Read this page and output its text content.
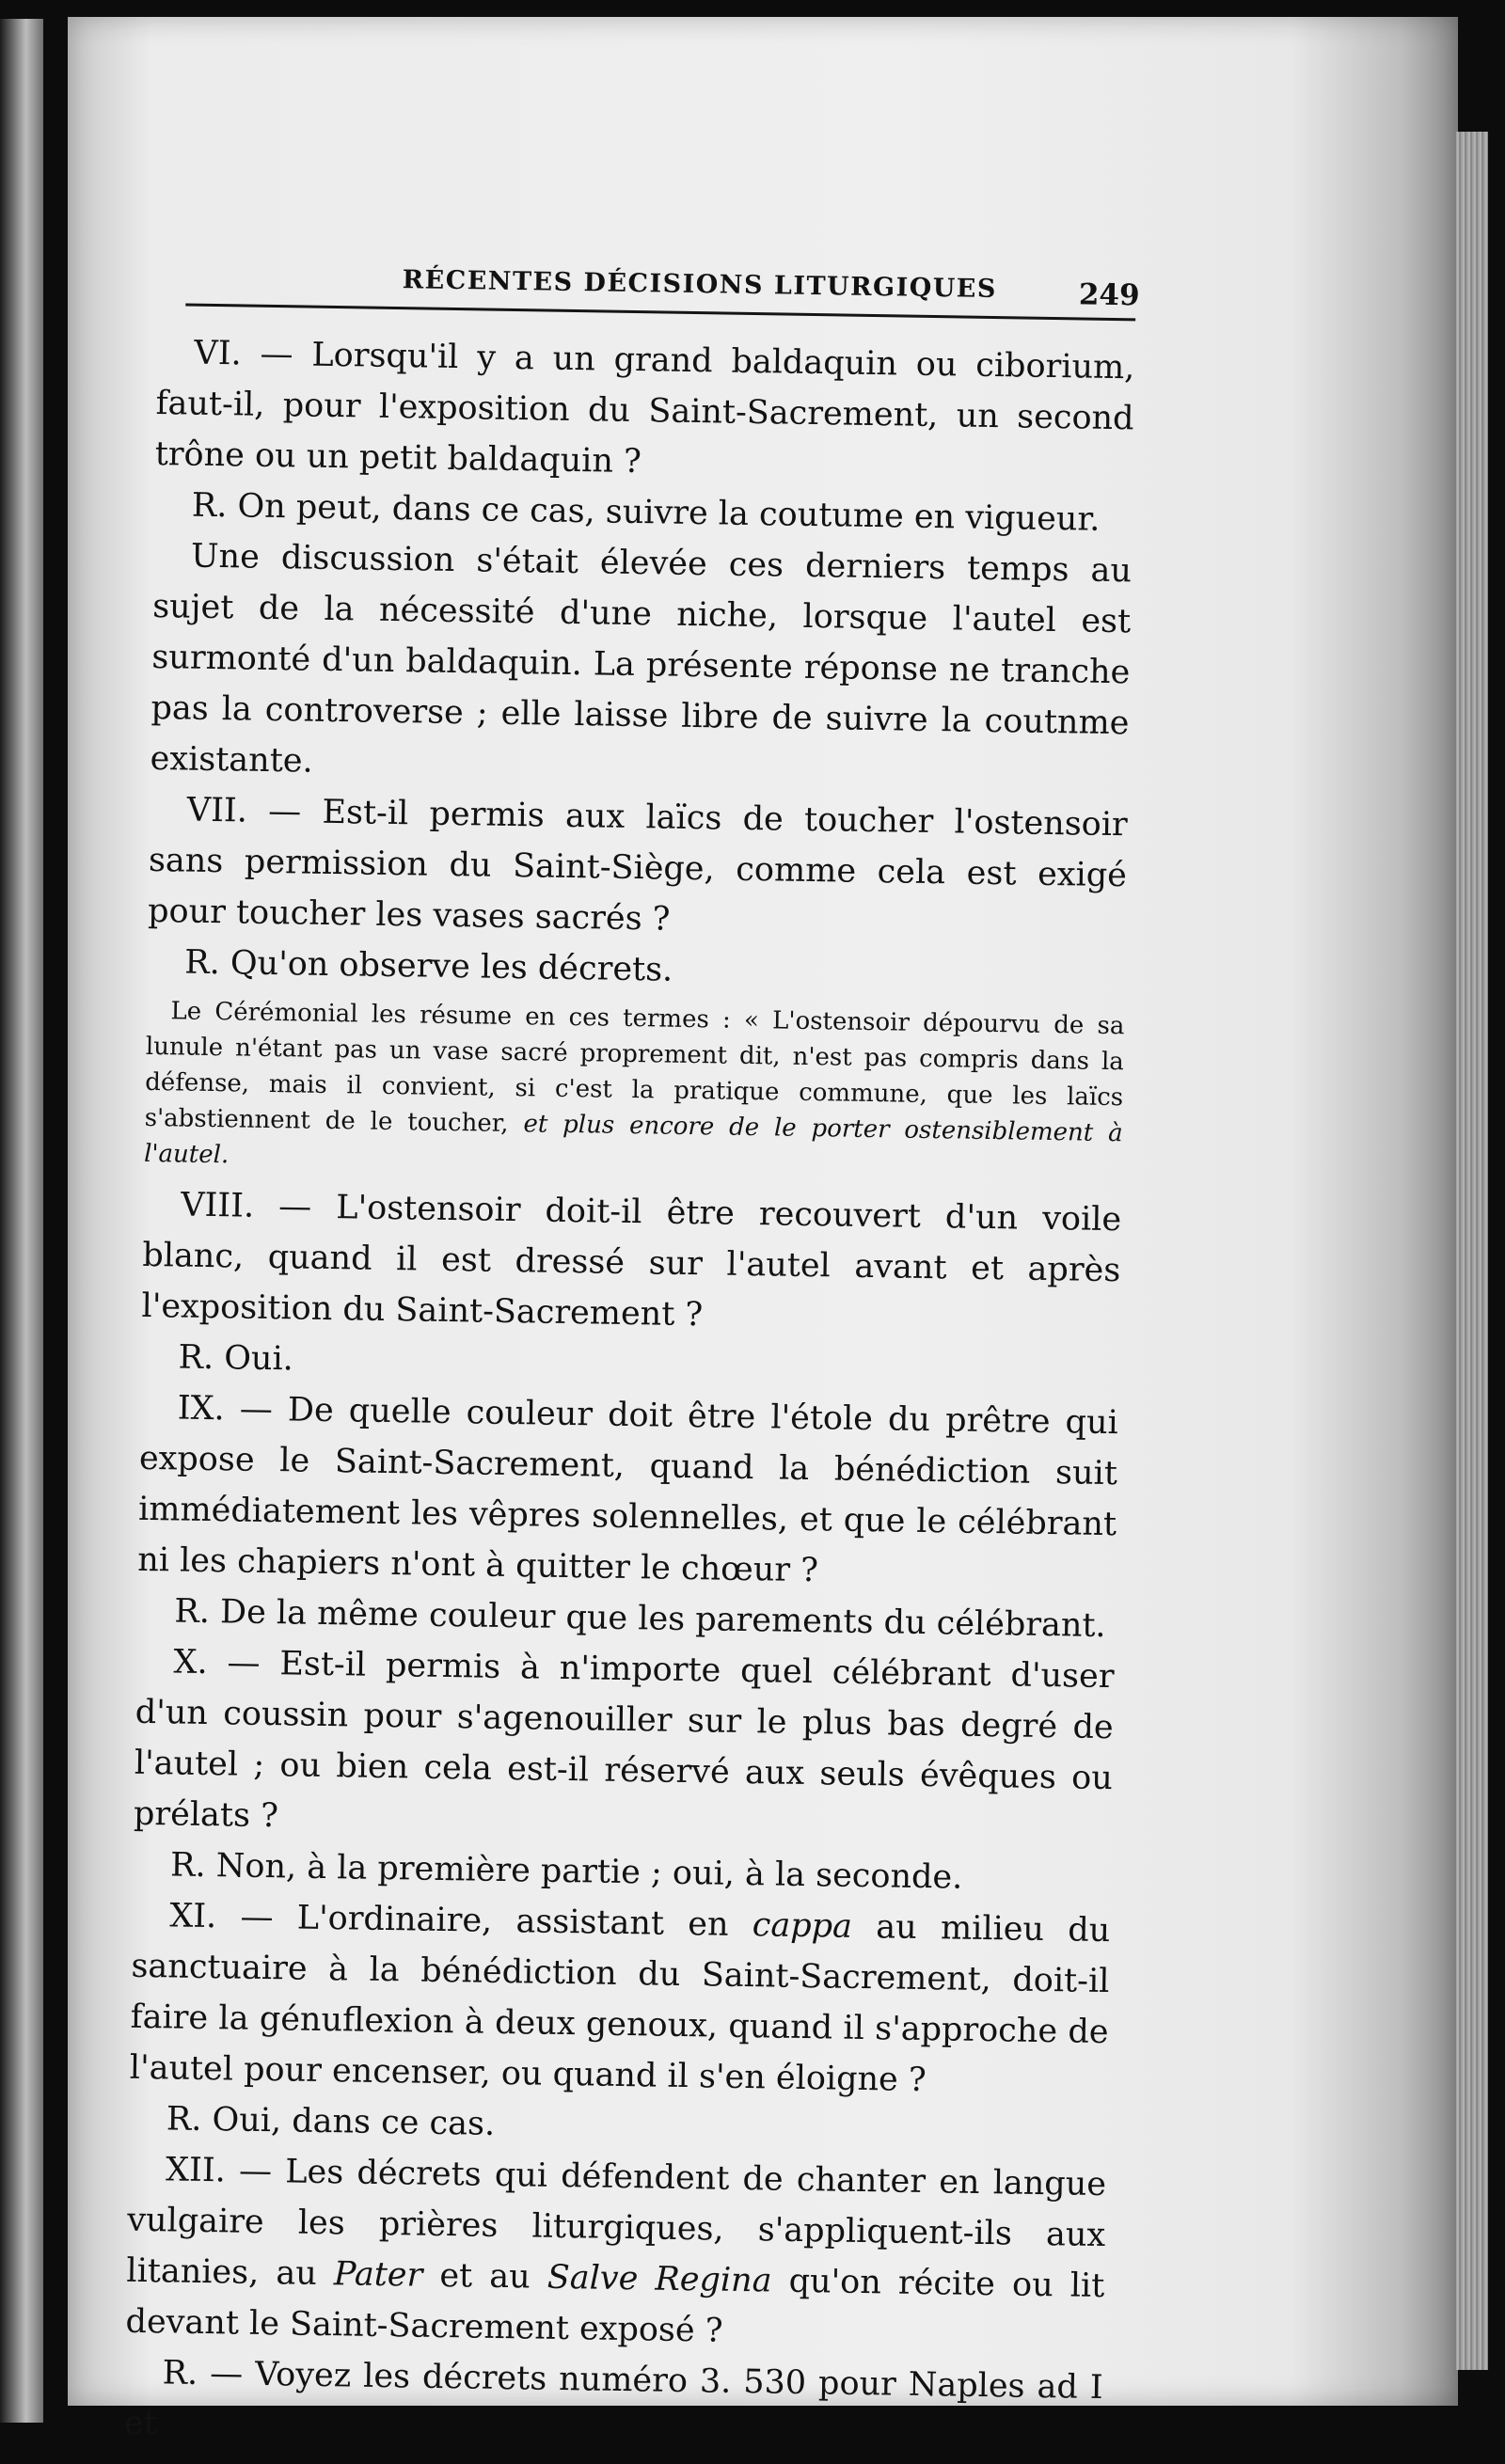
RÉCENTES DÉCISIONS LITURGIQUES	249

VI. — Lorsqu'il y a un grand baldaquin ou ciborium, faut-il, pour l'exposition du Saint-Sacrement, un second trône ou un petit baldaquin ?

R. On peut, dans ce cas, suivre la coutume en vigueur.

Une discussion s'était élevée ces derniers temps au sujet de la nécessité d'une niche, lorsque l'autel est surmonté d'un baldaquin. La présente réponse ne tranche pas la controverse ; elle laisse libre de suivre la coutnme existante.

VII. — Est-il permis aux laïcs de toucher l'ostensoir sans permission du Saint-Siège, comme cela est exigé pour toucher les vases sacrés ?

R. Qu'on observe les décrets.

Le Cérémonial les résume en ces termes : « L'ostensoir dépourvu de sa lunule n'étant pas un vase sacré proprement dit, n'est pas compris dans la défense, mais il convient, si c'est la pratique commune, que les laïcs s'abstiennent de le toucher, et plus encore de le porter ostensiblement à l'autel.

VIII. — L'ostensoir doit-il être recouvert d'un voile blanc, quand il est dressé sur l'autel avant et après l'exposition du Saint-Sacrement ?

R. Oui.

IX. — De quelle couleur doit être l'étole du prêtre qui expose le Saint-Sacrement, quand la bénédiction suit immédiatement les vêpres solennelles, et que le célébrant ni les chapiers n'ont à quitter le chœur ?

R. De la même couleur que les parements du célébrant.

X. — Est-il permis à n'importe quel célébrant d'user d'un coussin pour s'agenouiller sur le plus bas degré de l'autel ; ou bien cela est-il réservé aux seuls évêques ou prélats ?

R. Non, à la première partie ; oui, à la seconde.

XI. — L'ordinaire, assistant en cappa au milieu du sanctuaire à la bénédiction du Saint-Sacrement, doit-il faire la génuflexion à deux genoux, quand il s'approche de l'autel pour encenser, ou quand il s'en éloigne ?

R. Oui, dans ce cas.

XII. — Les décrets qui défendent de chanter en langue vulgaire les prières liturgiques, s'appliquent-ils aux litanies, au Pater et au Salve Regina qu'on récite ou lit devant le Saint-Sacrement exposé ?

R. — Voyez les décrets numéro 3. 530 pour Naples ad I et
